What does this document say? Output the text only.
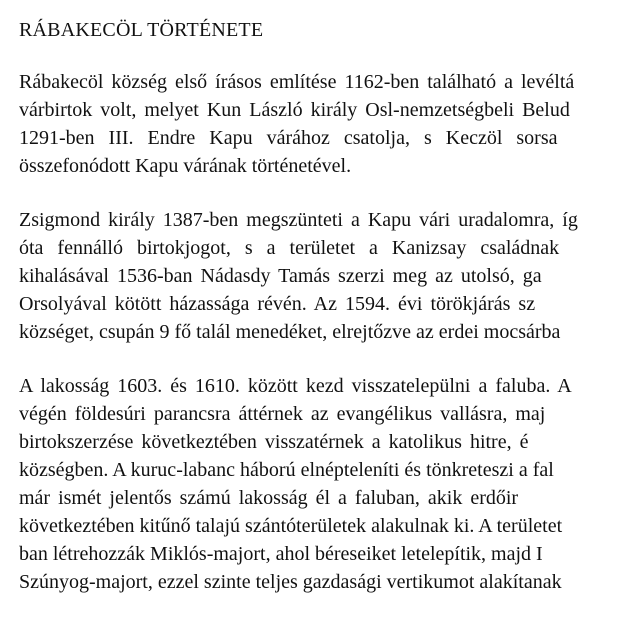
RÁBAKECÖL TÖRTÉNETE
Rábakecöl község első írásos említése 1162-ben található a levéltá
várbirtok volt, melyet Kun László király Osl-nemzetségbeli Belud
1291-ben III. Endre Kapu várához csatolja, s Keczöl sorsa
összefonódott Kapu várának történetével.
Zsigmond király 1387-ben megszünteti a Kapu vári uradalomra, íg
óta fennálló birtokjogot, s a területet a Kanizsay családnak
kihalásával 1536-ban Nádasdy Tamás szerzi meg az utolsó, ga
Orsolyával kötött házassága révén. Az 1594. évi törökjárás sz
községet, csupán 9 fő talál menedéket, elrejtőzve az erdei mocsárba
A lakosság 1603. és 1610. között kezd visszatelepülni a faluba. A
végén földesúri parancsra áttérnek az evangélikus vallásra, maj
birtokszerzése következtében visszatérnek a katolikus hitre, é
községben. A kuruc-labanc háború elnépteleníti és tönkreteszi a fal
már ismét jelentős számú lakosság él a faluban, akik erdőir
következtében kitűnő talajú szántóterületek alakulnak ki. A területet
ban létrehozzák Miklós-majort, ahol béreseiket letelepítik, majd I
Szúnyog-majort, ezzel szinte teljes gazdasági vertikumot alakítanak
